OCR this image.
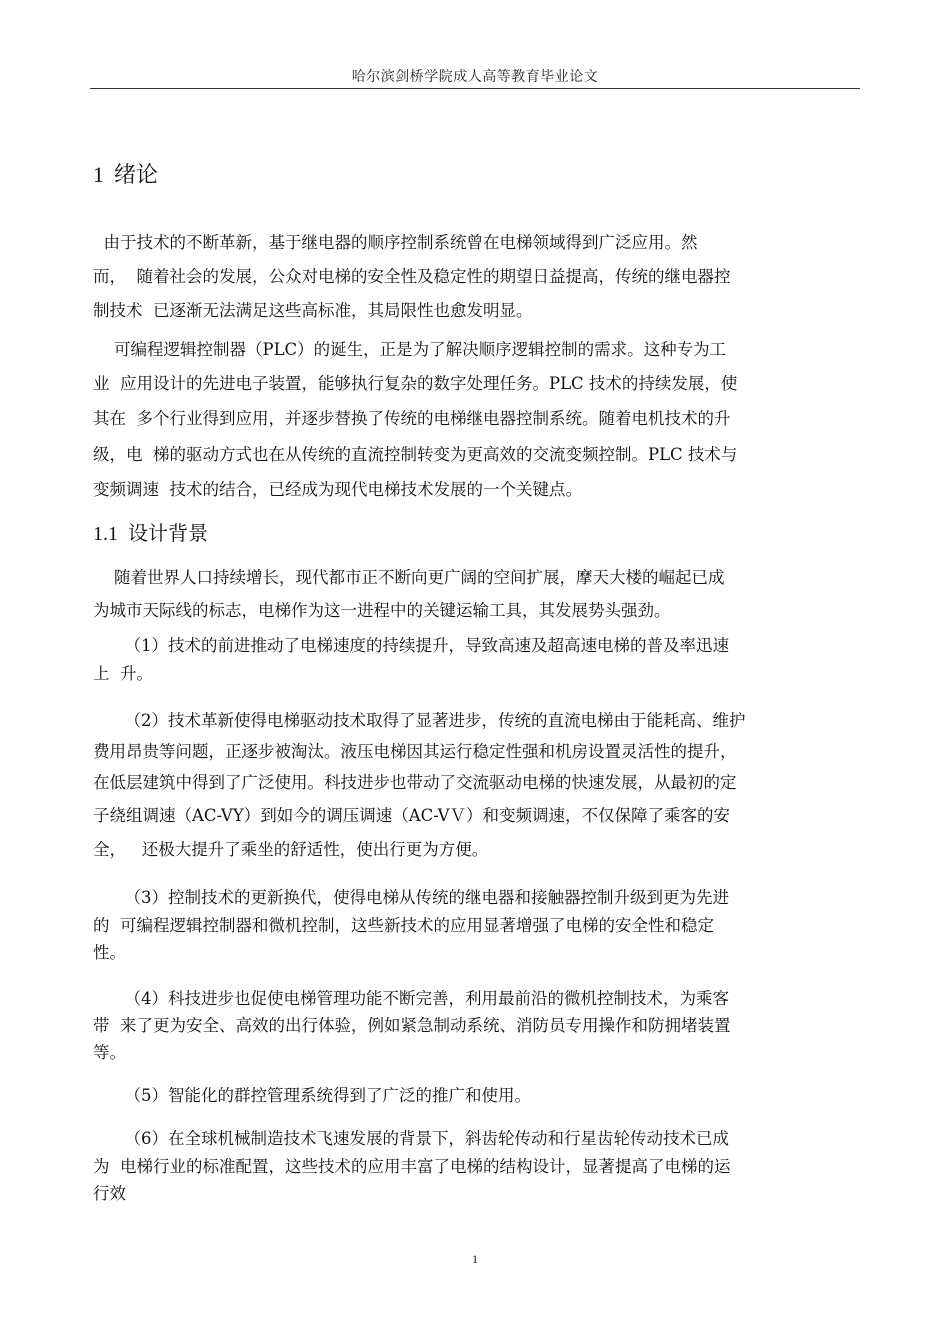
哈尔滨剑桥学院成人高等教育毕业论文
1 绪论
由于技术的不断革新，基于继电器的顺序控制系统曾在电梯领域得到广泛应用。然
而，  随着社会的发展，公众对电梯的安全性及稳定性的期望日益提高，传统的继电器控
制技术  已逐渐无法满足这些高标准，其局限性也愈发明显。
可编程逻辑控制器（PLC）的诞生，正是为了解决顺序逻辑控制的需求。这种专为工
业  应用设计的先进电子装置，能够执行复杂的数字处理任务。PLC 技术的持续发展，使
其在  多个行业得到应用，并逐步替换了传统的电梯继电器控制系统。随着电机技术的升
级，电  梯的驱动方式也在从传统的直流控制转变为更高效的交流变频控制。PLC 技术与
变频调速  技术的结合，已经成为现代电梯技术发展的一个关键点。
1.1 设计背景
随着世界人口持续增长，现代都市正不断向更广阔的空间扩展，摩天大楼的崛起已成
为城市天际线的标志，电梯作为这一进程中的关键运输工具，其发展势头强劲。
（1）技术的前进推动了电梯速度的持续提升，导致高速及超高速电梯的普及率迅速
上  升。
（2）技术革新使得电梯驱动技术取得了显著进步，传统的直流电梯由于能耗高、维护
费用昂贵等问题，正逐步被淘汰。液压电梯因其运行稳定性强和机房设置灵活性的提升，
在低层建筑中得到了广泛使用。科技进步也带动了交流驱动电梯的快速发展，从最初的定
子绕组调速（AC-VY）到如今的调压调速（AC-VＶ）和变频调速，不仅保障了乘客的安
全，   还极大提升了乘坐的舒适性，使出行更为方便。
（3）控制技术的更新换代，使得电梯从传统的继电器和接触器控制升级到更为先进
的  可编程逻辑控制器和微机控制，这些新技术的应用显著增强了电梯的安全性和稳定
性。
（4）科技进步也促使电梯管理功能不断完善，利用最前沿的微机控制技术，为乘客
带  来了更为安全、高效的出行体验，例如紧急制动系统、消防员专用操作和防拥堵装置
等。
（5）智能化的群控管理系统得到了广泛的推广和使用。
（6）在全球机械制造技术飞速发展的背景下，斜齿轮传动和行星齿轮传动技术已成
为  电梯行业的标准配置，这些技术的应用丰富了电梯的结构设计，显著提高了电梯的运
行效
1
